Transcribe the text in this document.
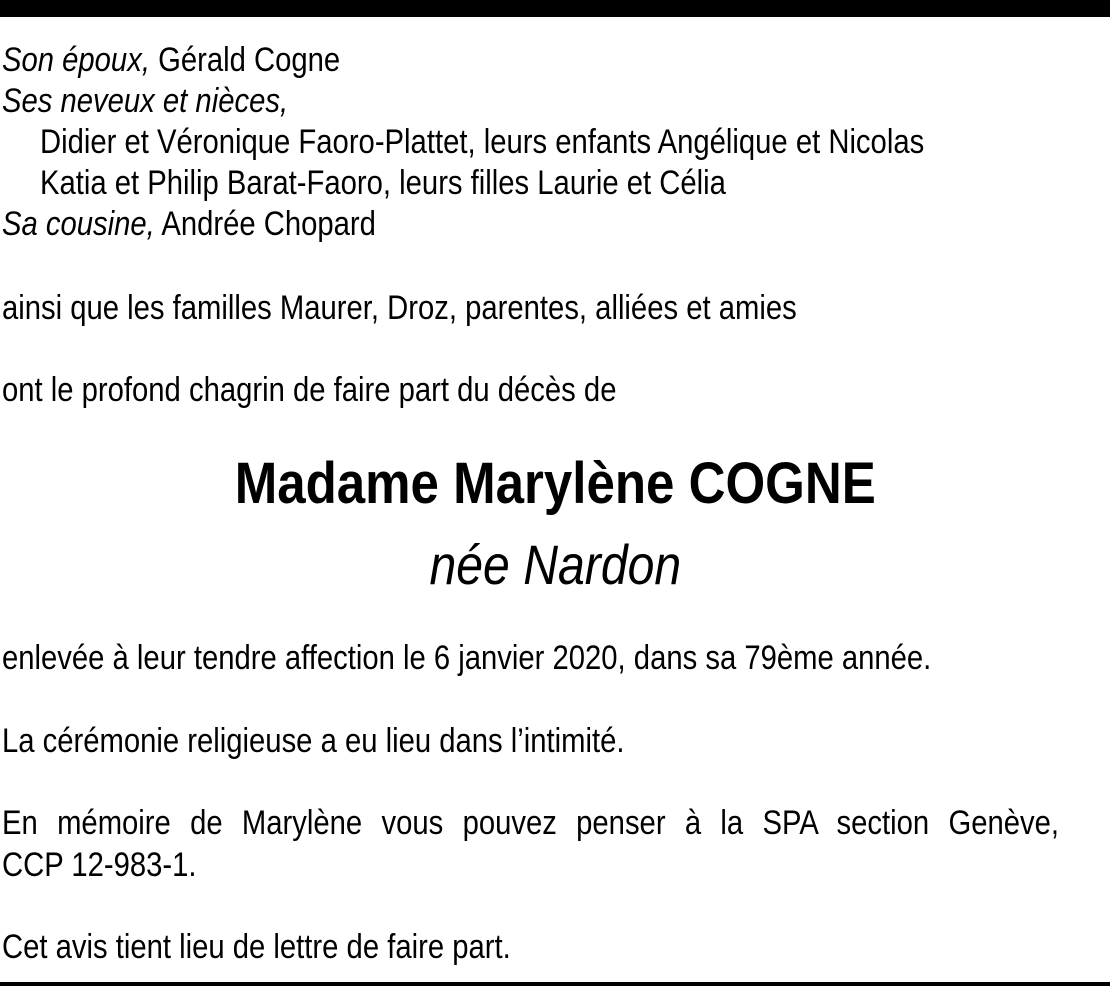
Son époux, Gérald Cogne
Ses neveux et nièces,
Didier et Véronique Faoro-Plattet, leurs enfants Angélique et Nicolas
Katia et Philip Barat-Faoro, leurs filles Laurie et Célia
Sa cousine, Andrée Chopard
ainsi que les familles Maurer, Droz, parentes, alliées et amies
ont le profond chagrin de faire part du décès de
Madame Marylène COGNE
née Nardon
enlevée à leur tendre affection le 6 janvier 2020, dans sa 79ème année.
La cérémonie religieuse a eu lieu dans l’intimité.
En mémoire de Marylène vous pouvez penser à la SPA section Genève,
CCP 12-983-1.
Cet avis tient lieu de lettre de faire part.
